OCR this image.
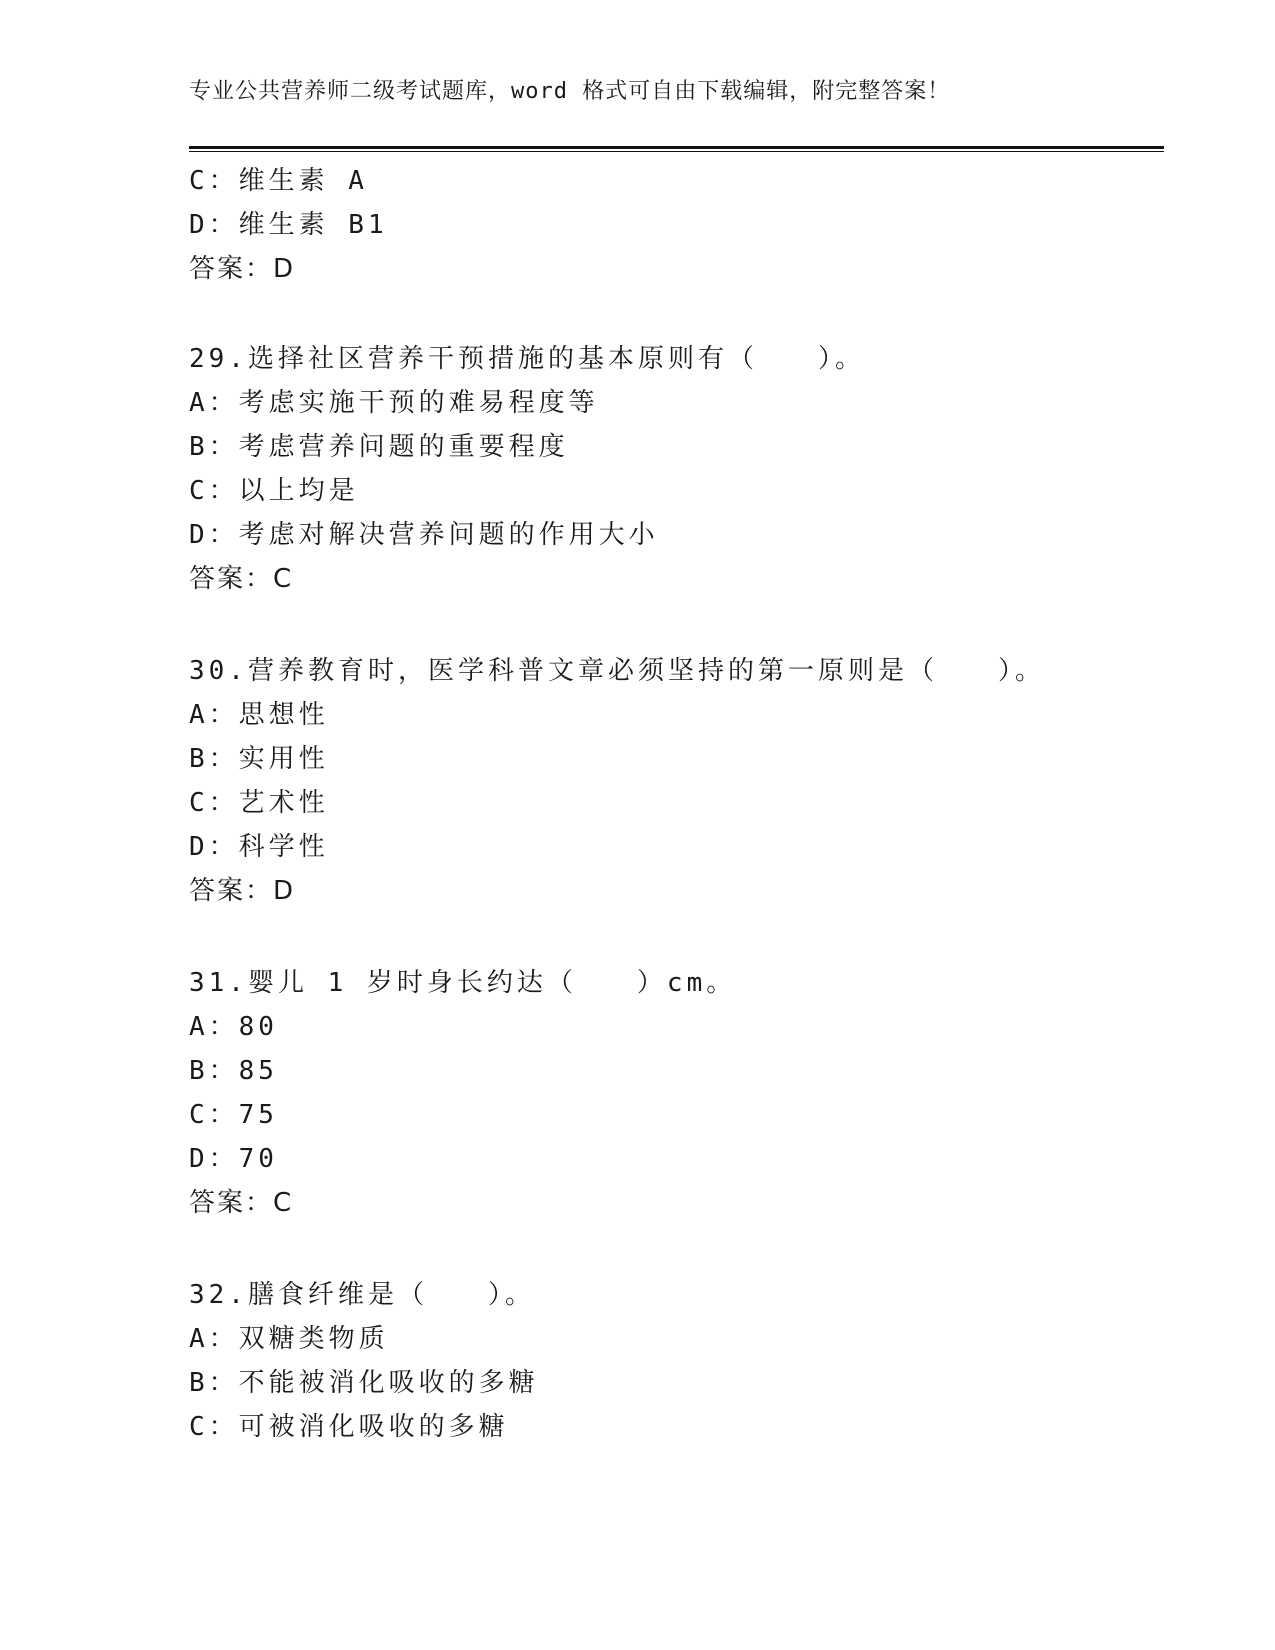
专业公共营养师二级考试题库，word 格式可自由下载编辑，附完整答案！
C：维生素 A
D：维生素 B1
答案：D
29.选择社区营养干预措施的基本原则有（　　）。
A：考虑实施干预的难易程度等
B：考虑营养问题的重要程度
C：以上均是
D：考虑对解决营养问题的作用大小
答案：C
30.营养教育时，医学科普文章必须坚持的第一原则是（　　）。
A：思想性
B：实用性
C：艺术性
D：科学性
答案：D
31.婴儿 1 岁时身长约达（　　）cm。
A：80
B：85
C：75
D：70
答案：C
32.膳食纤维是（　　）。
A：双糖类物质
B：不能被消化吸收的多糖
C：可被消化吸收的多糖
